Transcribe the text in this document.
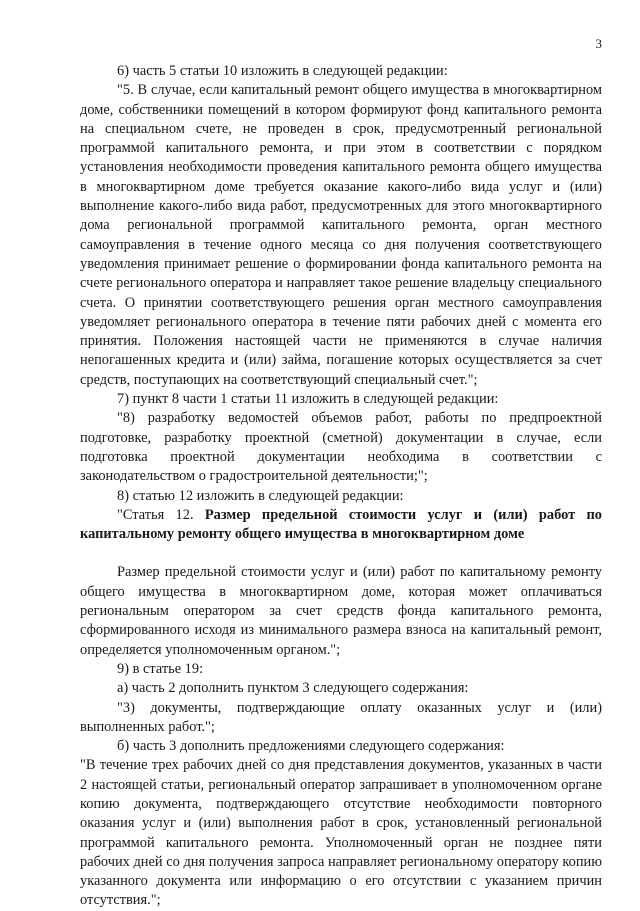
3

6) часть 5 статьи 10 изложить в следующей редакции:

"5. В случае, если капитальный ремонт общего имущества в многоквартирном доме, собственники помещений в котором формируют фонд капитального ремонта на специальном счете, не проведен в срок, предусмотренный региональной программой капитального ремонта, и при этом в соответствии с порядком установления необходимости проведения капитального ремонта общего имущества в многоквартирном доме требуется оказание какого-либо вида услуг и (или) выполнение какого-либо вида работ, предусмотренных для этого многоквартирного дома региональной программой капитального ремонта, орган местного самоуправления в течение одного месяца со дня получения соответствующего уведомления принимает решение о формировании фонда капитального ремонта на счете регионального оператора и направляет такое решение владельцу специального счета. О принятии соответствующего решения орган местного самоуправления уведомляет регионального оператора в течение пяти рабочих дней с момента его принятия. Положения настоящей части не применяются в случае наличия непогашенных кредита и (или) займа, погашение которых осуществляется за счет средств, поступающих на соответствующий специальный счет.";

7) пункт 8 части 1 статьи 11 изложить в следующей редакции:

"8) разработку ведомостей объемов работ, работы по предпроектной подготовке, разработку проектной (сметной) документации в случае, если подготовка проектной документации необходима в соответствии с законодательством о градостроительной деятельности;";

8) статью 12 изложить в следующей редакции:

"Статья 12. Размер предельной стоимости услуг и (или) работ по капитальному ремонту общего имущества в многоквартирном доме

Размер предельной стоимости услуг и (или) работ по капитальному ремонту общего имущества в многоквартирном доме, которая может оплачиваться региональным оператором за счет средств фонда капитального ремонта, сформированного исходя из минимального размера взноса на капитальный ремонт, определяется уполномоченным органом.";

9) в статье 19:

а) часть 2 дополнить пунктом 3 следующего содержания:

"3) документы, подтверждающие оплату оказанных услуг и (или) выполненных работ.";

б) часть 3 дополнить предложениями следующего содержания:

"В течение трех рабочих дней со дня представления документов, указанных в части 2 настоящей статьи, региональный оператор запрашивает в уполномоченном органе копию документа, подтверждающего отсутствие необходимости повторного оказания услуг и (или) выполнения работ в срок, установленный региональной программой капитального ремонта. Уполномоченный орган не позднее пяти рабочих дней со дня получения запроса направляет региональному оператору копию указанного документа или информацию о его отсутствии с указанием причин отсутствия.";
